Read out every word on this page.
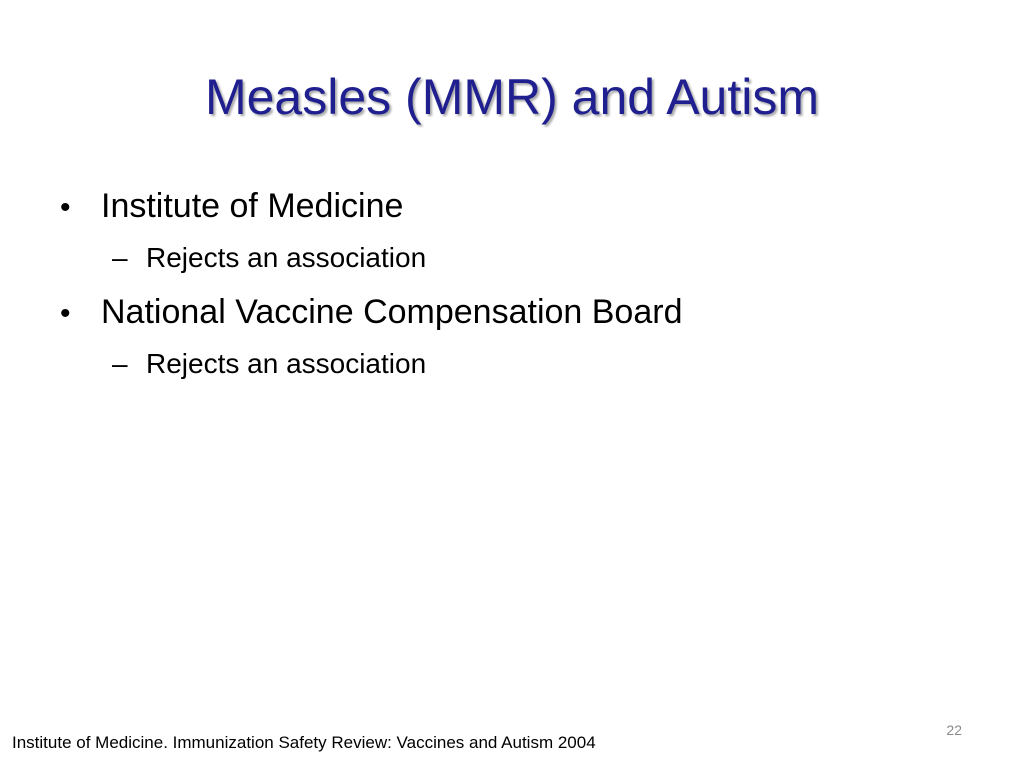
Measles (MMR) and Autism
• Institute of Medicine
– Rejects an association
• National Vaccine Compensation Board
– Rejects an association
22
Institute of Medicine. Immunization Safety Review: Vaccines and Autism 2004
